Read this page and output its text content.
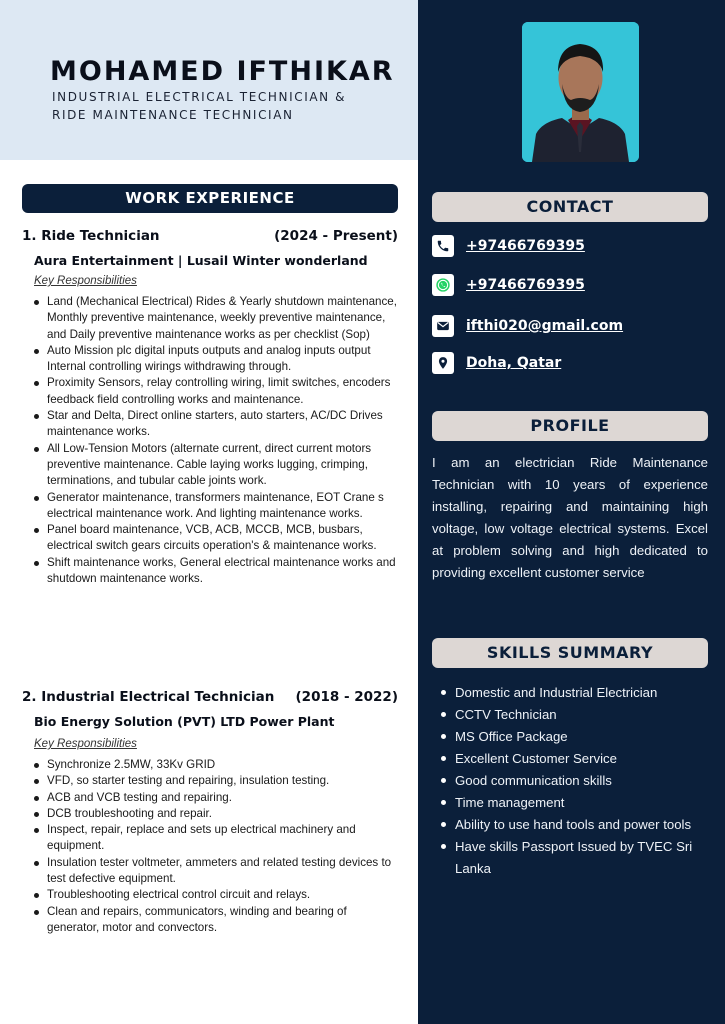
MOHAMED IFTHIKAR
INDUSTRIAL ELECTRICAL TECHNICIAN &
RIDE MAINTENANCE TECHNICIAN
WORK EXPERIENCE
1. Ride Technician	(2024 - Present)
Aura Entertainment | Lusail Winter wonderland
Key Responsibilities
Land (Mechanical Electrical) Rides & Yearly shutdown maintenance, Monthly preventive maintenance, weekly preventive maintenance, and Daily preventive maintenance works as per checklist (Sop)
Auto Mission plc digital inputs outputs and analog inputs output Internal controlling wirings withdrawing through.
Proximity Sensors, relay controlling wiring, limit switches, encoders feedback field controlling works and maintenance.
Star and Delta, Direct online starters, auto starters, AC/DC Drives maintenance works.
All Low-Tension Motors (alternate current, direct current motors preventive maintenance. Cable laying works lugging, crimping, terminations, and tubular cable joints work.
Generator maintenance, transformers maintenance, EOT Crane s electrical maintenance work. And lighting maintenance works.
Panel board maintenance, VCB, ACB, MCCB, MCB, busbars, electrical switch gears circuits operation's & maintenance works.
Shift maintenance works, General electrical maintenance works and shutdown maintenance works.
2. Industrial Electrical Technician (2018 - 2022)
Bio Energy Solution (PVT) LTD Power Plant
Key Responsibilities
Synchronize 2.5MW, 33Kv GRID
VFD, so starter testing and repairing, insulation testing.
ACB and VCB testing and repairing.
DCB troubleshooting and repair.
Inspect, repair, replace and sets up electrical machinery and equipment.
Insulation tester voltmeter, ammeters and related testing devices to test defective equipment.
Troubleshooting electrical control circuit and relays.
Clean and repairs, communicators, winding and bearing of generator, motor and convectors.
CONTACT
+97466769395
+97466769395
ifthi020@gmail.com
Doha, Qatar
PROFILE
I am an electrician Ride Maintenance Technician with 10 years of experience installing, repairing and maintaining high voltage, low voltage electrical systems. Excel at problem solving and high dedicated to providing excellent customer service
SKILLS SUMMARY
Domestic and Industrial Electrician
CCTV Technician
MS Office Package
Excellent Customer Service
Good communication skills
Time management
Ability to use hand tools and power tools
Have skills Passport Issued by TVEC Sri Lanka
